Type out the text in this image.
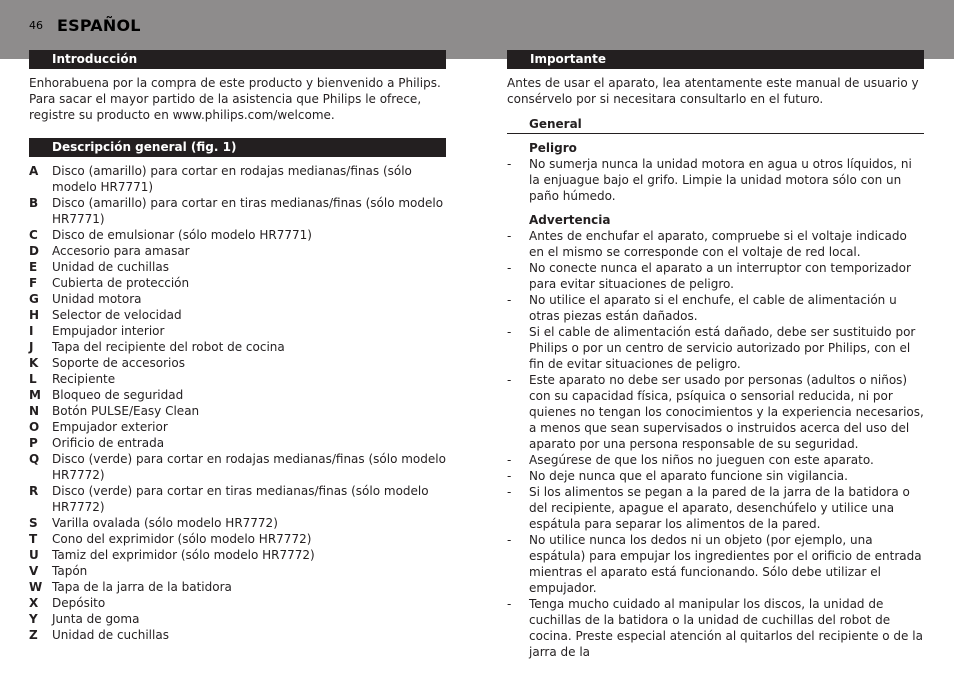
46 ESPAÑOL
Introducción

Enhorabuena por la compra de este producto y bienvenido a Philips. Para sacar el mayor partido de la asistencia que Philips le ofrece, registre su producto en www.philips.com/welcome.

Descripción general (fig. 1)
A Disco (amarillo) para cortar en rodajas medianas/finas (sólo modelo HR7771)
B Disco (amarillo) para cortar en tiras medianas/finas (sólo modelo HR7771)
C Disco de emulsionar (sólo modelo HR7771)
D Accesorio para amasar
E Unidad de cuchillas
F Cubierta de protección
G Unidad motora
H Selector de velocidad
I Empujador interior
J Tapa del recipiente del robot de cocina
K Soporte de accesorios
L Recipiente
M Bloqueo de seguridad
N Botón PULSE/Easy Clean
O Empujador exterior
P Orificio de entrada
Q Disco (verde) para cortar en rodajas medianas/finas (sólo modelo HR7772)
R Disco (verde) para cortar en tiras medianas/finas (sólo modelo HR7772)
S Varilla ovalada (sólo modelo HR7772)
T Cono del exprimidor (sólo modelo HR7772)
U Tamiz del exprimidor (sólo modelo HR7772)
V Tapón
W Tapa de la jarra de la batidora
X Depósito
Y Junta de goma
Z Unidad de cuchillas
Importante

Antes de usar el aparato, lea atentamente este manual de usuario y consérvelo por si necesitara consultarlo en el futuro.

General
Peligro
- No sumerja nunca la unidad motora en agua u otros líquidos, ni la enjuague bajo el grifo. Limpie la unidad motora sólo con un paño húmedo.
Advertencia
- Antes de enchufar el aparato, compruebe si el voltaje indicado en el mismo se corresponde con el voltaje de red local.
- No conecte nunca el aparato a un interruptor con temporizador para evitar situaciones de peligro.
- No utilice el aparato si el enchufe, el cable de alimentación u otras piezas están dañados.
- Si el cable de alimentación está dañado, debe ser sustituido por Philips o por un centro de servicio autorizado por Philips, con el fin de evitar situaciones de peligro.
- Este aparato no debe ser usado por personas (adultos o niños) con su capacidad física, psíquica o sensorial reducida, ni por quienes no tengan los conocimientos y la experiencia necesarios, a menos que sean supervisados o instruidos acerca del uso del aparato por una persona responsable de su seguridad.
- Asegúrese de que los niños no jueguen con este aparato.
- No deje nunca que el aparato funcione sin vigilancia.
- Si los alimentos se pegan a la pared de la jarra de la batidora o del recipiente, apague el aparato, desenchúfelo y utilice una espátula para separar los alimentos de la pared.
- No utilice nunca los dedos ni un objeto (por ejemplo, una espátula) para empujar los ingredientes por el orificio de entrada mientras el aparato está funcionando. Sólo debe utilizar el empujador.
- Tenga mucho cuidado al manipular los discos, la unidad de cuchillas de la batidora o la unidad de cuchillas del robot de cocina. Preste especial atención al quitarlos del recipiente o de la jarra de la
